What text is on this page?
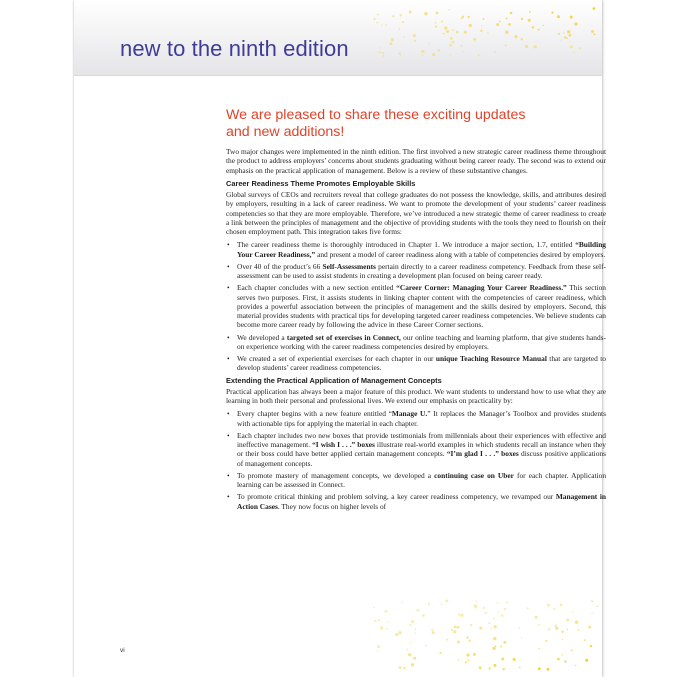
new to the ninth edition
We are pleased to share these exciting updates
and new additions!

Two major changes were implemented in the ninth edition. The first involved a new strategic career readiness theme throughout the product to address employers’ concerns about students graduating without being career ready. The second was to extend our emphasis on the practical application of management. Below is a review of these substantive changes.

Career Readiness Theme Promotes Employable Skills

Global surveys of CEOs and recruiters reveal that college graduates do not possess the knowledge, skills, and attributes desired by employers, resulting in a lack of career readiness. We want to promote the development of your students’ career readiness competencies so that they are more employable. Therefore, we’ve introduced a new strategic theme of career readiness to create a link between the principles of management and the objective of providing students with the tools they need to flourish on their chosen employment path. This integration takes five forms:

• The career readiness theme is thoroughly introduced in Chapter 1. We introduce a major section, 1.7, entitled “Building Your Career Readiness,” and present a model of career readiness along with a table of competencies desired by employers.
• Over 40 of the product’s 66 Self-Assessments pertain directly to a career readiness competency. Feedback from these self-assessment can be used to assist students in creating a development plan focused on being career ready.
• Each chapter concludes with a new section entitled “Career Corner: Managing Your Career Readiness.” This section serves two purposes. First, it assists students in linking chapter content with the competencies of career readiness, which provides a powerful association between the principles of management and the skills desired by employers. Second, this material provides students with practical tips for developing targeted career readiness competencies. We believe students can become more career ready by following the advice in these Career Corner sections.
• We developed a targeted set of exercises in Connect, our online teaching and learning platform, that give students hands-on experience working with the career readiness competencies desired by employers.
• We created a set of experiential exercises for each chapter in our unique Teaching Resource Manual that are targeted to develop students’ career readiness competencies.
Extending the Practical Application of Management Concepts

Practical application has always been a major feature of this product. We want students to understand how to use what they are learning in both their personal and professional lives. We extend our emphasis on practicality by:

• Every chapter begins with a new feature entitled “Manage U.” It replaces the Manager’s Toolbox and provides students with actionable tips for applying the material in each chapter.
• Each chapter includes two new boxes that provide testimonials from millennials about their experiences with effective and ineffective management. “I wish I . . .” boxes illustrate real-world examples in which students recall an instance when they or their boss could have better applied certain management concepts. “I’m glad I . . .” boxes discuss positive applications of management concepts.
• To promote mastery of management concepts, we developed a continuing case on Uber for each chapter. Application learning can be assessed in Connect.
• To promote critical thinking and problem solving, a key career readiness competency, we revamped our Management in Action Cases. They now focus on higher levels of
vi
